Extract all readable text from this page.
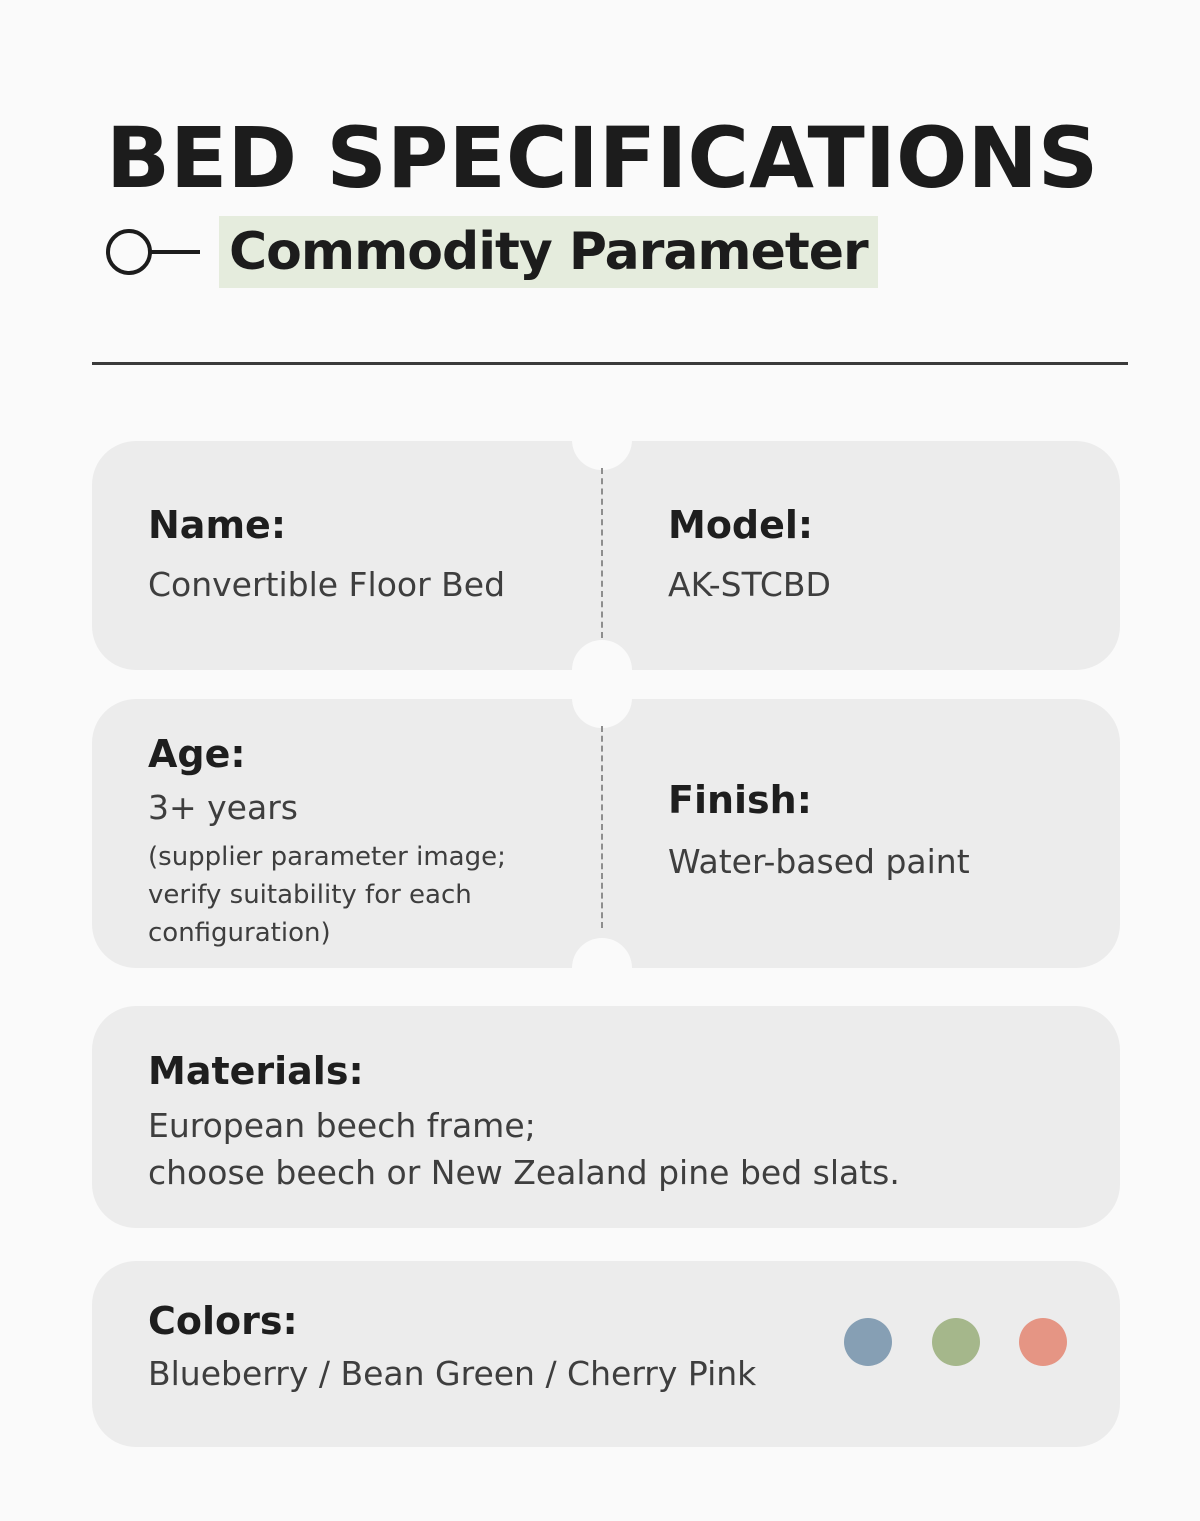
BED SPECIFICATIONS
Commodity Parameter
Name:
Convertible Floor Bed
Model:
AK-STCBD
Age:
3+ years
(supplier parameter image;
verify suitability for each
configuration)
Finish:
Water-based paint
Materials:
European beech frame;
choose beech or New Zealand pine bed slats.
Colors:
Blueberry / Bean Green / Cherry Pink
